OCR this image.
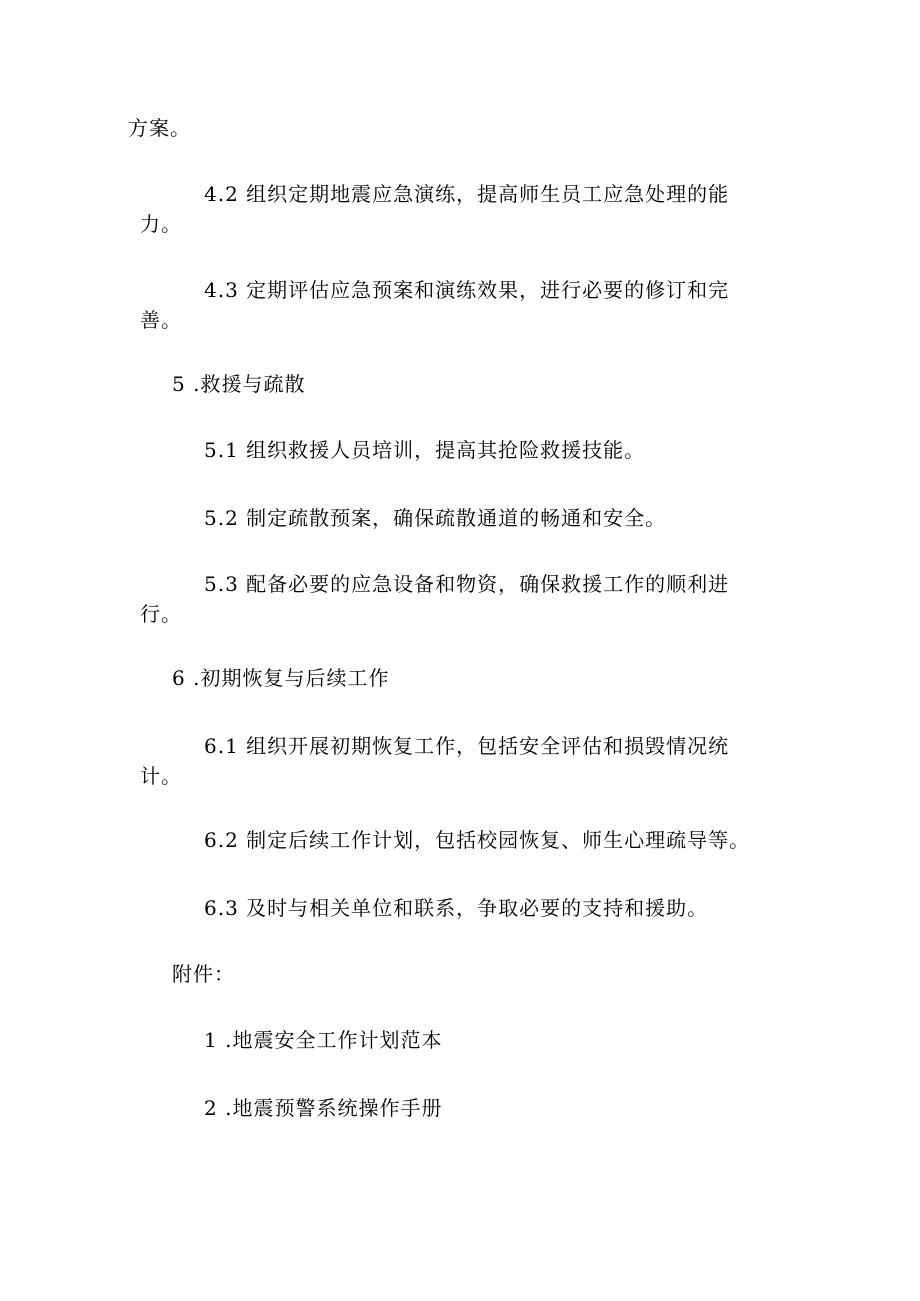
方案。
4.2 组织定期地震应急演练，提高师生员工应急处理的能
力。
4.3 定期评估应急预案和演练效果，进行必要的修订和完
善。
5 .救援与疏散
5.1 组织救援人员培训，提高其抢险救援技能。
5.2 制定疏散预案，确保疏散通道的畅通和安全。
5.3 配备必要的应急设备和物资，确保救援工作的顺利进
行。
6 .初期恢复与后续工作
6.1 组织开展初期恢复工作，包括安全评估和损毁情况统
计。
6.2 制定后续工作计划，包括校园恢复、师生心理疏导等。
6.3 及时与相关单位和联系，争取必要的支持和援助。
附件：
1 .地震安全工作计划范本
2 .地震预警系统操作手册
